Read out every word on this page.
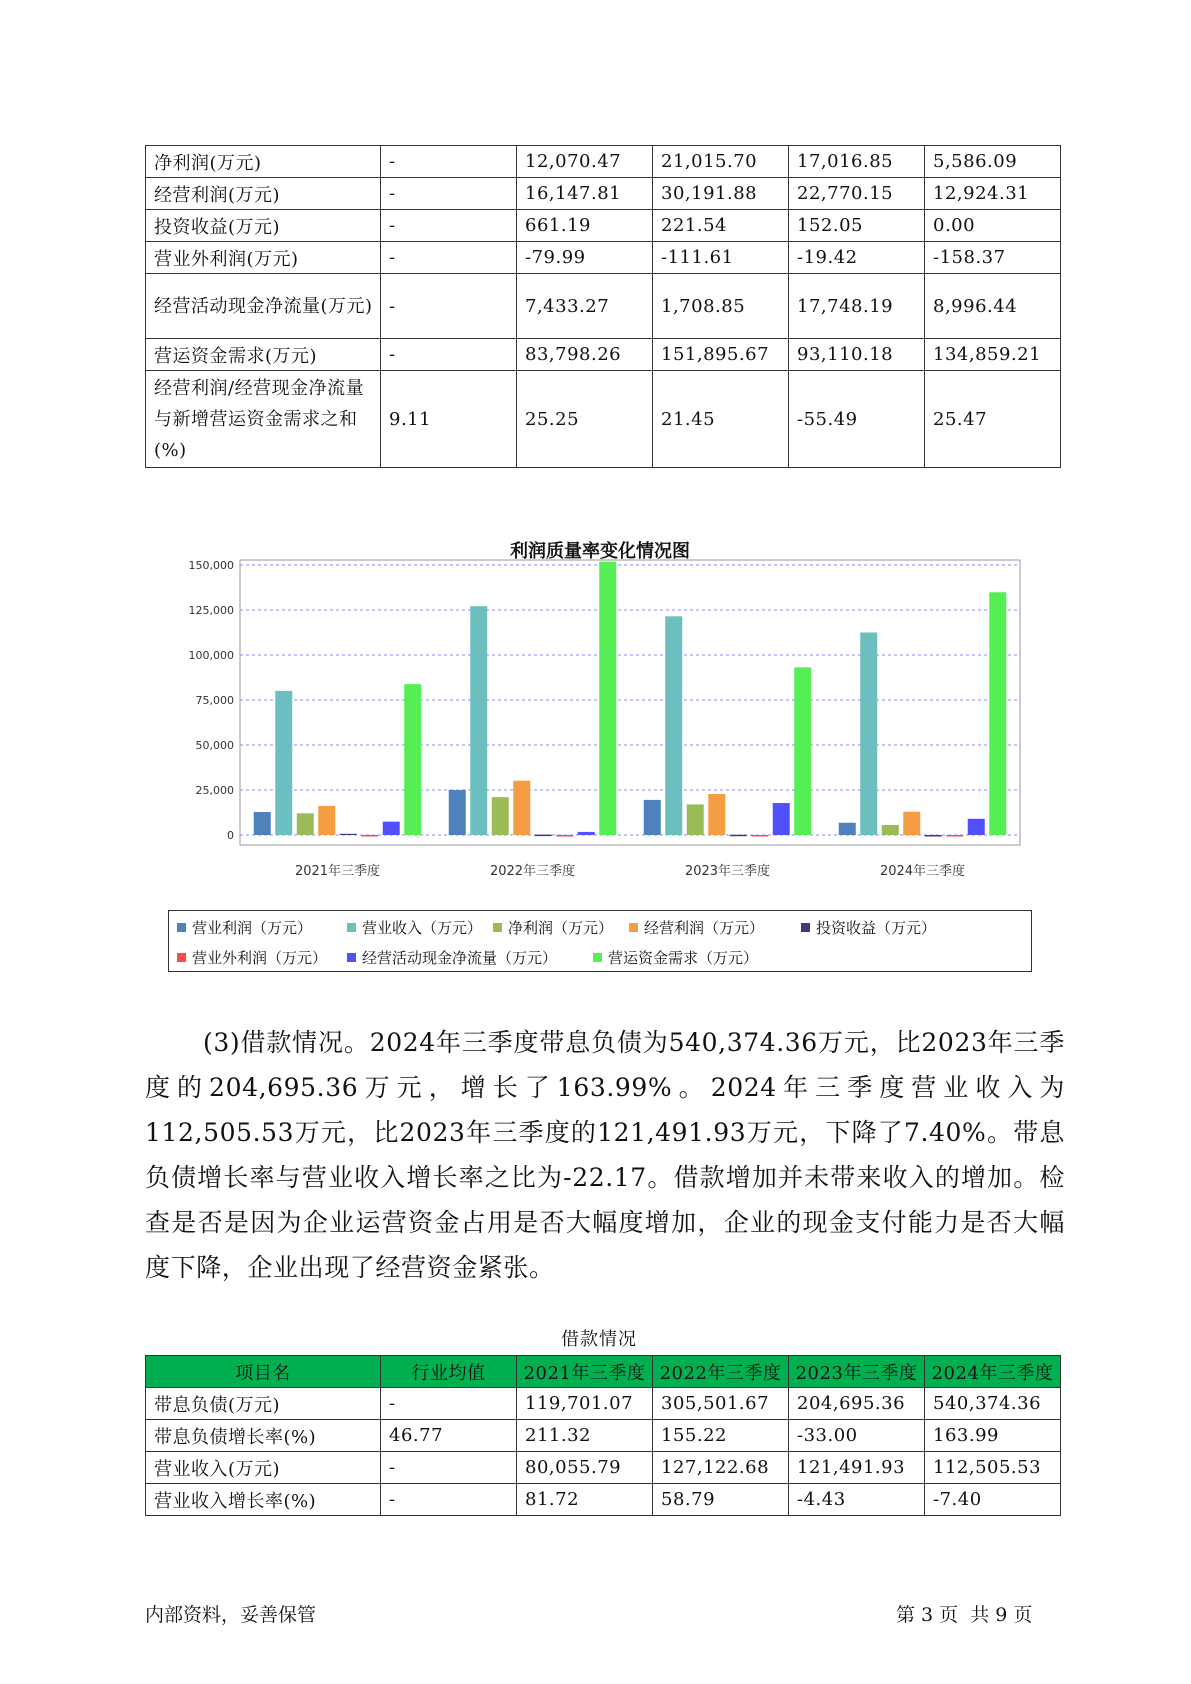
净利润(万元)	-	12,070.47	21,015.70	17,016.85	5,586.09
经营利润(万元)	-	16,147.81	30,191.88	22,770.15	12,924.31
投资收益(万元)	-	661.19	221.54	152.05	0.00
营业外利润(万元)	-	-79.99	-111.61	-19.42	-158.37
经营活动现金净流量(万元)	-	7,433.27	1,708.85	17,748.19	8,996.44
营运资金需求(万元)	-	83,798.26	151,895.67	93,110.18	134,859.21
经营利润/经营现金净流量与新增营运资金需求之和(%)	9.11	25.25	21.45	-55.49	25.47
0
25,000
50,000
75,000
100,000
125,000
150,000
2021年三季度	2022年三季度	2023年三季度	2024年三季度
利润质量率变化情况图
营业利润（万元）	营业收入（万元） 净利润（万元） 经营利润（万元）	投资收益（万元）
营业外利润（万元） 经营活动现金净流量（万元）	营运资金需求（万元）

(3)借款情况。2024年三季度带息负债为540,374.36万元，比2023年三季度的204,695.36万元，增长了163.99%。2024年三季度营业收入为112,505.53万元，比2023年三季度的121,491.93万元，下降了7.40%。带息负债增长率与营业收入增长率之比为-22.17。借款增加并未带来收入的增加。检查是否是因为企业运营资金占用是否大幅度增加，企业的现金支付能力是否大幅度下降，企业出现了经营资金紧张。

借款情况
项目名	行业均值	2021年三季度	2022年三季度	2023年三季度	2024年三季度
带息负债(万元)	-	119,701.07	305,501.67	204,695.36	540,374.36
带息负债增长率(%)	46.77	211.32	155.22	-33.00	163.99
营业收入(万元)	-	80,055.79	127,122.68	121,491.93	112,505.53
营业收入增长率(%)	-	81.72	58.79	-4.43	-7.40
内部资料，妥善保管	第 3 页  共 9 页
